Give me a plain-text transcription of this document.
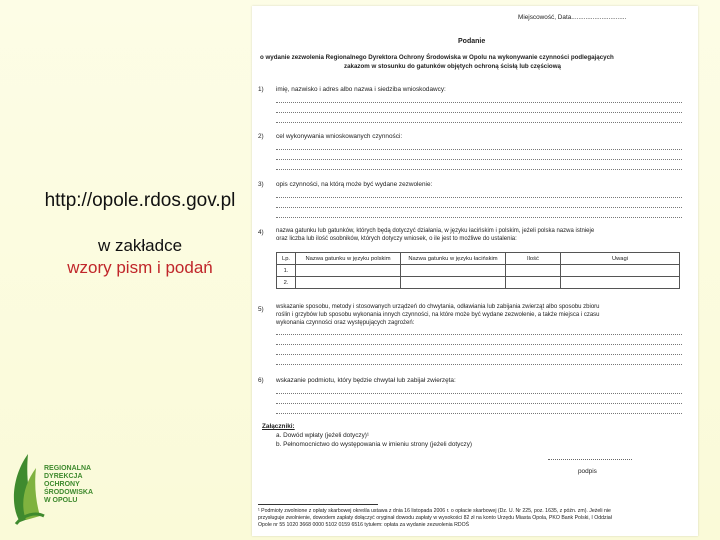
http://opole.rdos.gov.pl
w zakładce
wzory pism i podań
REGIONALNA
DYREKCJA
OCHRONY
ŚRODOWISKA
W OPOLU
Miejscowość, Data...............................
Podanie
o wydanie zezwolenia Regionalnego Dyrektora Ochrony Środowiska w Opolu na wykonywanie czynności podlegających
zakazom w stosunku do gatunków objętych ochroną ścisłą lub częściową
1) imię, nazwisko i adres albo nazwa i siedziba wnioskodawcy:
2) cel wykonywania wnioskowanych czynności:
3) opis czynności, na którą może być wydane zezwolenie:
4) nazwa gatunku lub gatunków, których będą dotyczyć działania, w języku łacińskim i polskim, jeżeli polska nazwa istnieje
oraz liczba lub ilość osobników, których dotyczy wniosek, o ile jest to możliwe do ustalenia:
Lp.	Nazwa gatunku w języku polskim	Nazwa gatunku w języku łacińskim	Ilość	Uwagi
1.				
2.				
5) wskazanie sposobu, metody i stosowanych urządzeń do chwytania, odławiania lub zabijania zwierząt albo sposobu zbioru
roślin i grzybów lub sposobu wykonania innych czynności, na które może być wydane zezwolenie, a także miejsca i czasu
wykonania czynności oraz występujących zagrożeń:
6) wskazanie podmiotu, który będzie chwytał lub zabijał zwierzęta:
Załączniki:
a. Dowód wpłaty (jeżeli dotyczy)¹
b. Pełnomocnictwo do występowania w imieniu strony (jeżeli dotyczy)
podpis
¹ Podmioty zwolnione z opłaty skarbowej określa ustawa z dnia 16 listopada 2006 r. o opłacie skarbowej (Dz. U. Nr 225, poz. 1635, z późn. zm). Jeżeli nie
przysługuje zwolnienie, dowodem zapłaty dołączyć oryginał dowodu zapłaty w wysokości 82 zł na konto Urzędu Miasta Opola, PKO Bank Polski, I Oddział
Opole nr 55 1020 3668 0000 5102 0159 6516 tytułem: opłata za wydanie zezwolenia RDOŚ
